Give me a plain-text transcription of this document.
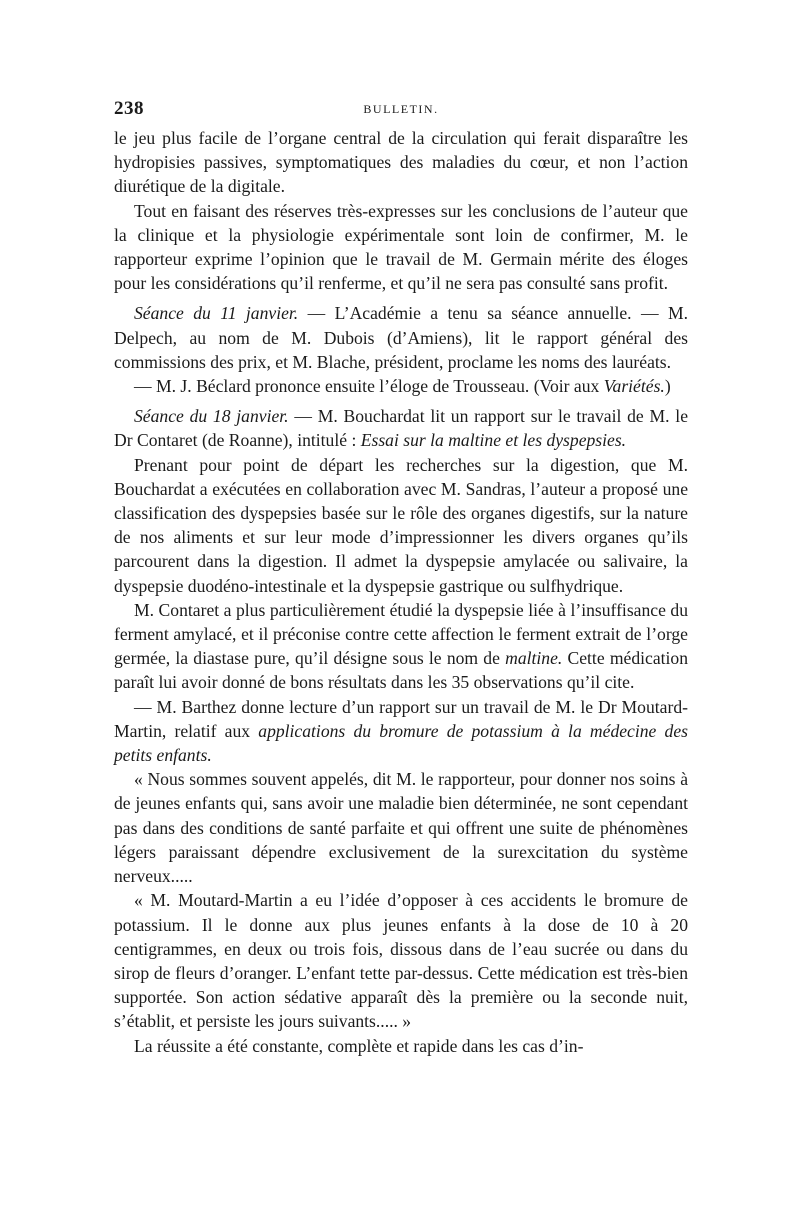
238	BULLETIN.

le jeu plus facile de l’organe central de la circulation qui ferait disparaître les hydropisies passives, symptomatiques des maladies du cœur, et non l’action diurétique de la digitale.

Tout en faisant des réserves très-expresses sur les conclusions de l’auteur que la clinique et la physiologie expérimentale sont loin de confirmer, M. le rapporteur exprime l’opinion que le travail de M. Germain mérite des éloges pour les considérations qu’il renferme, et qu’il ne sera pas consulté sans profit.

Séance du 11 janvier. — L’Académie a tenu sa séance annuelle. — M. Delpech, au nom de M. Dubois (d’Amiens), lit le rapport général des commissions des prix, et M. Blache, président, proclame les noms des lauréats.

— M. J. Béclard prononce ensuite l’éloge de Trousseau. (Voir aux Variétés.)

Séance du 18 janvier. — M. Bouchardat lit un rapport sur le travail de M. le Dr Contaret (de Roanne), intitulé : Essai sur la maltine et les dyspepsies.

Prenant pour point de départ les recherches sur la digestion, que M. Bouchardat a exécutées en collaboration avec M. Sandras, l’auteur a proposé une classification des dyspepsies basée sur le rôle des organes digestifs, sur la nature de nos aliments et sur leur mode d’impressionner les divers organes qu’ils parcourent dans la digestion. Il admet la dyspepsie amylacée ou salivaire, la dyspepsie duodéno-intestinale et la dyspepsie gastrique ou sulfhydrique.

M. Contaret a plus particulièrement étudié la dyspepsie liée à l’insuffisance du ferment amylacé, et il préconise contre cette affection le ferment extrait de l’orge germée, la diastase pure, qu’il désigne sous le nom de maltine. Cette médication paraît lui avoir donné de bons résultats dans les 35 observations qu’il cite.

— M. Barthez donne lecture d’un rapport sur un travail de M. le Dr Moutard-Martin, relatif aux applications du bromure de potassium à la médecine des petits enfants.

« Nous sommes souvent appelés, dit M. le rapporteur, pour donner nos soins à de jeunes enfants qui, sans avoir une maladie bien déterminée, ne sont cependant pas dans des conditions de santé parfaite et qui offrent une suite de phénomènes légers paraissant dépendre exclusivement de la surexcitation du système nerveux.....

« M. Moutard-Martin a eu l’idée d’opposer à ces accidents le bromure de potassium. Il le donne aux plus jeunes enfants à la dose de 10 à 20 centigrammes, en deux ou trois fois, dissous dans de l’eau sucrée ou dans du sirop de fleurs d’oranger. L’enfant tette par-dessus. Cette médication est très-bien supportée. Son action sédative apparaît dès la première ou la seconde nuit, s’établit, et persiste les jours suivants..... »

La réussite a été constante, complète et rapide dans les cas d’in-
